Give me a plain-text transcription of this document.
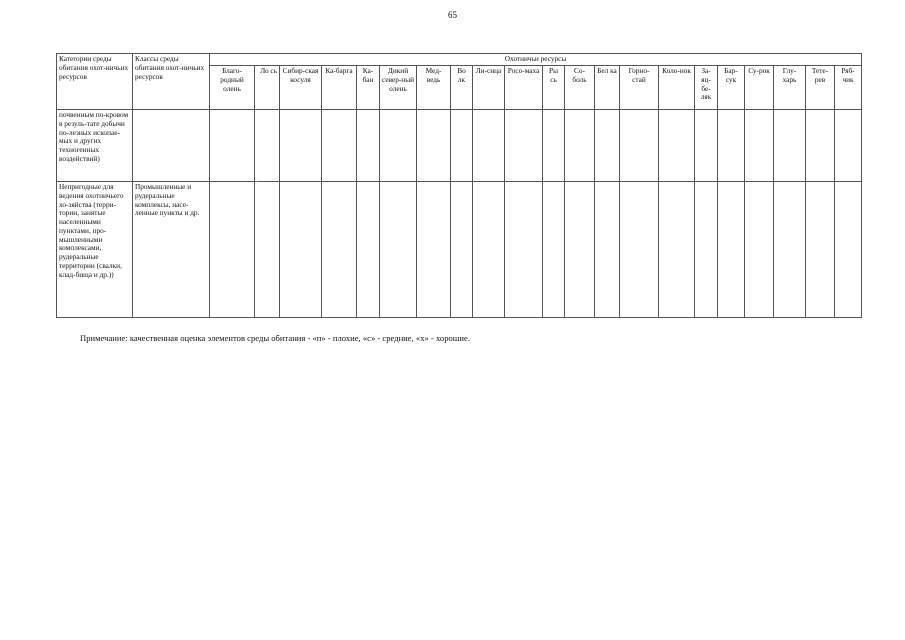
65
Категории среды обитания охот-ничьих ресурсов	Классы среды обитания охот-ничьих ресурсов	Охотничьи ресурсы																				
		Благо-родный олень	Ло сь	Сибир-ская косуля	Ка-барга	Ка-бан	Дикий север-ный олень	Мед-ведь	Во лк	Ли-сица	Росо-маха	Ры сь	Со-боль	Бел ка	Горно-стай	Коло-нок	За-яц-бе-ляк	Бар-сук	Су-рок	Глу-харь	Тете-рев	Ряб-чик
почвенным по-кровом в резуль-тате добычи по-лезных ископае-мых и других техногенных воздействий)																						
Непригодные для ведения охотничьего хо-зяйства (терри-тории, занятые населенными пунктами, про-мышленными комплексами, рудеральные территории (свалки, клад-бища и др.))	Промышленные и рудеральные комплексы, насе-ленные пункты и др.																					
Примечание: качественная оценка элементов среды обитания - «п» - плохие, «с» - средние, «х» - хорошие.
